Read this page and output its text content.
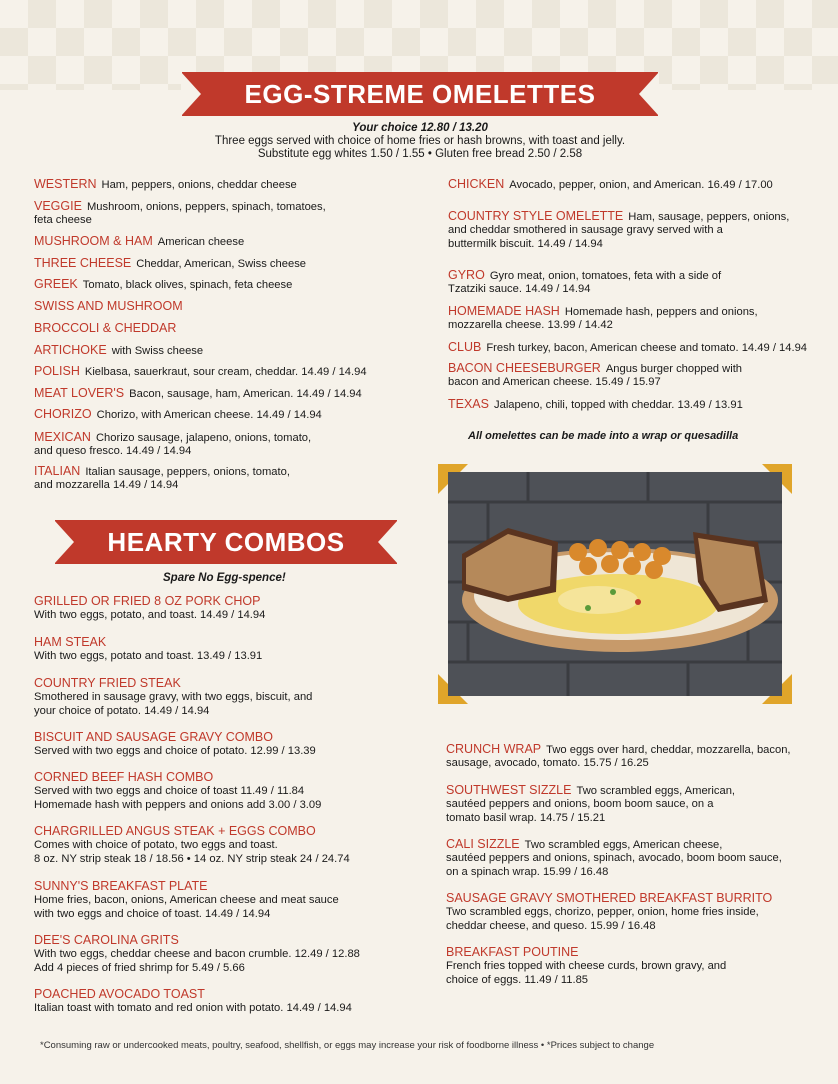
EGG-STREME OMELETTES
Your choice 12.80 / 13.20
Three eggs served with choice of home fries or hash browns, with toast and jelly.
Substitute egg whites 1.50 / 1.55 • Gluten free bread 2.50 / 2.58
WESTERN Ham, peppers, onions, cheddar cheese
VEGGIE Mushroom, onions, peppers, spinach, tomatoes,
feta cheese
MUSHROOM & HAM American cheese
THREE CHEESE Cheddar, American, Swiss cheese
GREEK Tomato, black olives, spinach, feta cheese
SWISS AND MUSHROOM
BROCCOLI & CHEDDAR
ARTICHOKE with Swiss cheese
POLISH Kielbasa, sauerkraut, sour cream, cheddar. 14.49 / 14.94
MEAT LOVER'S Bacon, sausage, ham, American. 14.49 / 14.94
CHORIZO Chorizo, with American cheese. 14.49 / 14.94
MEXICAN Chorizo sausage, jalapeno, onions, tomato,
and queso fresco. 14.49 / 14.94
ITALIAN Italian sausage, peppers, onions, tomato,
and mozzarella 14.49 / 14.94
CHICKEN Avocado, pepper, onion, and American. 16.49 / 17.00
COUNTRY STYLE OMELETTE Ham, sausage, peppers, onions,
and cheddar smothered in sausage gravy served with a
buttermilk biscuit. 14.49 / 14.94
GYRO Gyro meat, onion, tomatoes, feta with a side of
Tzatziki sauce. 14.49 / 14.94
HOMEMADE HASH Homemade hash, peppers and onions,
mozzarella cheese. 13.99 / 14.42
CLUB Fresh turkey, bacon, American cheese and tomato. 14.49 / 14.94
BACON CHEESEBURGER Angus burger chopped with
bacon and American cheese. 15.49 / 15.97
TEXAS Jalapeno, chili, topped with cheddar. 13.49 / 13.91
All omelettes can be made into a wrap or quesadilla
HEARTY COMBOS
Spare No Egg-spence!
GRILLED OR FRIED 8 OZ PORK CHOP
With two eggs, potato, and toast. 14.49 / 14.94
HAM STEAK
With two eggs, potato and toast. 13.49 / 13.91
COUNTRY FRIED STEAK
Smothered in sausage gravy, with two eggs, biscuit, and
your choice of potato. 14.49 / 14.94
BISCUIT AND SAUSAGE GRAVY COMBO
Served with two eggs and choice of potato. 12.99 / 13.39
CORNED BEEF HASH COMBO
Served with two eggs and choice of toast 11.49 / 11.84
Homemade hash with peppers and onions add 3.00 / 3.09
CHARGRILLED ANGUS STEAK + EGGS COMBO
Comes with choice of potato, two eggs and toast.
8 oz. NY strip steak 18 / 18.56 • 14 oz. NY strip steak 24 / 24.74
SUNNY'S BREAKFAST PLATE
Home fries, bacon, onions, American cheese and meat sauce
with two eggs and choice of toast. 14.49 / 14.94
DEE'S CAROLINA GRITS
With two eggs, cheddar cheese and bacon crumble. 12.49 / 12.88
Add 4 pieces of fried shrimp for 5.49 / 5.66
POACHED AVOCADO TOAST
Italian toast with tomato and red onion with potato. 14.49 / 14.94
CRUNCH WRAP Two eggs over hard, cheddar, mozzarella, bacon,
sausage, avocado, tomato. 15.75 / 16.25
SOUTHWEST SIZZLE Two scrambled eggs, American,
sautéed peppers and onions, boom boom sauce, on a
tomato basil wrap. 14.75 / 15.21
CALI SIZZLE Two scrambled eggs, American cheese,
sautéed peppers and onions, spinach, avocado, boom boom sauce,
on a spinach wrap. 15.99 / 16.48
SAUSAGE GRAVY SMOTHERED BREAKFAST BURRITO
Two scrambled eggs, chorizo, pepper, onion, home fries inside,
cheddar cheese, and queso. 15.99 / 16.48
BREAKFAST POUTINE
French fries topped with cheese curds, brown gravy, and
choice of eggs. 11.49 / 11.85
*Consuming raw or undercooked meats, poultry, seafood, shellfish, or eggs may increase your risk of foodborne illness • *Prices subject to change
